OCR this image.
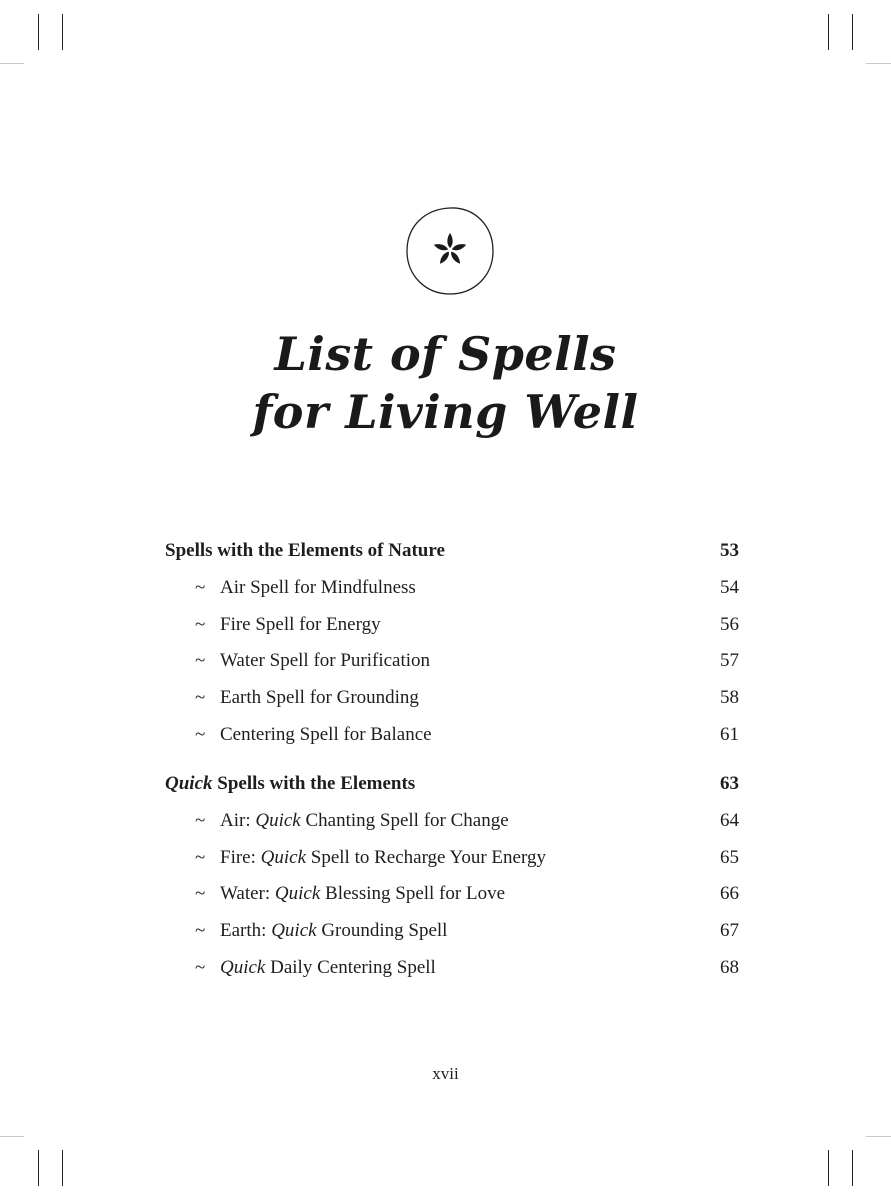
List of Spells
for Living Well
Spells with the Elements of Nature	53
~ Air Spell for Mindfulness	54
~ Fire Spell for Energy	56
~ Water Spell for Purification	57
~ Earth Spell for Grounding	58
~ Centering Spell for Balance	61
Quick Spells with the Elements	63
~ Air: Quick Chanting Spell for Change	64
~ Fire: Quick Spell to Recharge Your Energy	65
~ Water: Quick Blessing Spell for Love	66
~ Earth: Quick Grounding Spell	67
~ Quick Daily Centering Spell	68
xvii
